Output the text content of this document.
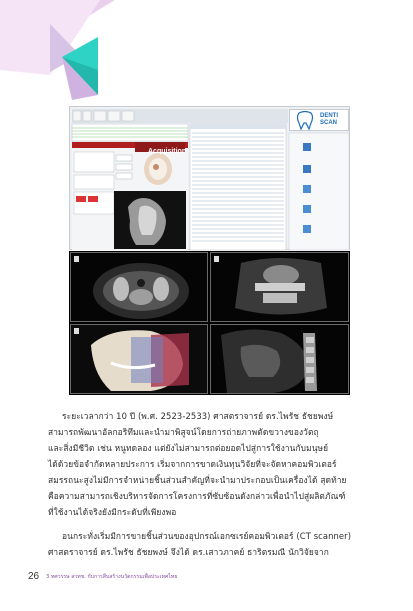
Acquisition
DENTI
SCAN
ระยะเวลากว่า 10 ปี (พ.ศ. 2523-2533) ศาสตราจารย์ ดร.ไพรัช ธัชยพงษ์
สามารถพัฒนาอัลกอริทึมและนำมาพิสูจน์โดยการถ่ายภาพตัดขวางของวัตถุ
และสิ่งมีชีวิต เช่น หนูทดลอง แต่ยังไม่สามารถต่อยอดไปสู่การใช้งานกับมนุษย์
ได้ด้วยข้อจำกัดหลายประการ เริ่มจากการขาดเงินทุนวิจัยที่จะจัดหาคอมพิวเตอร์
สมรรถนะสูงไม่มีการจำหน่ายชิ้นส่วนสำคัญที่จะนำมาประกอบเป็นเครื่องได้ สุดท้าย
คือความสามารถเชิงบริหารจัดการโครงการที่ซับซ้อนดังกล่าวเพื่อนำไปสู่ผลิตภัณฑ์
ที่ใช้งานได้จริงยังมีกระดับที่เพียงพอ
อนกระทั่งเริ่มมีการขายชิ้นส่วนของอุปกรณ์เอกซเรย์คอมพิวเตอร์ (CT scanner)
ศาสตราจารย์ ดร.ไพรัช ธัชยพงษ์ จึงได้ ดร.เสาวภาคย์ ธาริตรมณี นักวิจัยจาก
26 3 ทศวรรษ สวทช. กับการสืบสร้างนวัตกรรมเพื่อประเทศไทย
